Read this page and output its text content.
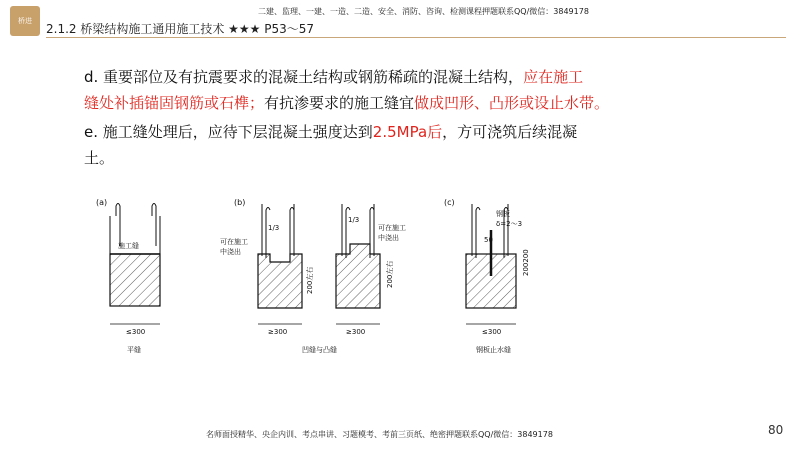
桥进
二建、监理、一建、一造、二造、安全、消防、咨询、检测课程押题联系QQ/微信：3849178
2.1.2 桥梁结构施工通用施工技术 ★★★ P53～57
d. 重要部位及有抗震要求的混凝土结构或钢筋稀疏的混凝土结构，应在施工
缝处补插锚固钢筋或石榫；有抗渗要求的施工缝宜做成凹形、凸形或设止水带。
e. 施工缝处理后，应待下层混凝土强度达到2.5MPa后，方可浇筑后续混凝
土。
(a)
施工缝
≤300
平缝
(b)
1/3
可在施工
中浇出
200左右
≥300
1/3
可在施工
中浇出
200左右
≥300
凹缝与凸缝
(c)
钢板
δ=2～3
50
200200
≤300
钢板止水缝
名师面授精华、央企内训、考点串讲、习题模考、考前三页纸、绝密押题联系QQ/微信：3849178	80
